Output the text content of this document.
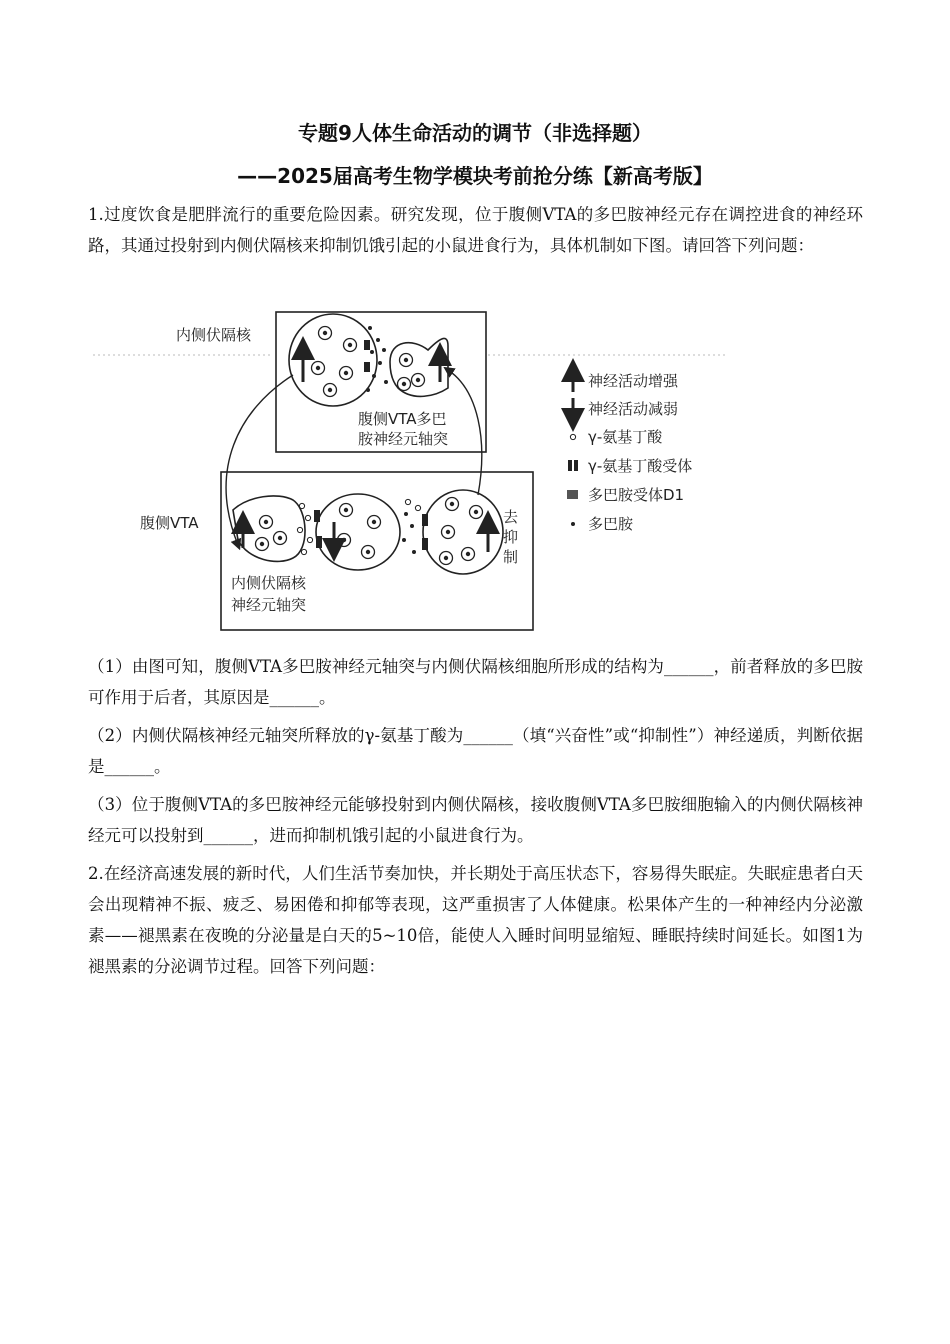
专题9人体生命活动的调节（非选择题）
——2025届高考生物学模块考前抢分练【新高考版】

1.过度饮食是肥胖流行的重要危险因素。研究发现，位于腹侧VTA的多巴胺神经元存在调控进食的神经环路，其通过投射到内侧伏隔核来抑制饥饿引起的小鼠进食行为，具体机制如下图。请回答下列问题：

腹侧VTA多巴
胺神经元轴突
内侧伏隔核
去
抑
制
内侧伏隔核
神经元轴突
腹侧VTA
神经活动增强
神经活动减弱
γ-氨基丁酸
γ-氨基丁酸受体
多巴胺受体D1
多巴胺

（1）由图可知，腹侧VTA多巴胺神经元轴突与内侧伏隔核细胞所形成的结构为______，前者释放的多巴胺可作用于后者，其原因是______。

（2）内侧伏隔核神经元轴突所释放的γ-氨基丁酸为______（填“兴奋性”或“抑制性”）神经递质，判断依据是______。

（3）位于腹侧VTA的多巴胺神经元能够投射到内侧伏隔核，接收腹侧VTA多巴胺细胞输入的内侧伏隔核神经元可以投射到______，进而抑制机饿引起的小鼠进食行为。

2.在经济高速发展的新时代，人们生活节奏加快，并长期处于高压状态下，容易得失眠症。失眠症患者白天会出现精神不振、疲乏、易困倦和抑郁等表现，这严重损害了人体健康。松果体产生的一种神经内分泌激素——褪黑素在夜晚的分泌量是白天的5~10倍，能使人入睡时间明显缩短、睡眠持续时间延长。如图1为褪黑素的分泌调节过程。回答下列问题：
